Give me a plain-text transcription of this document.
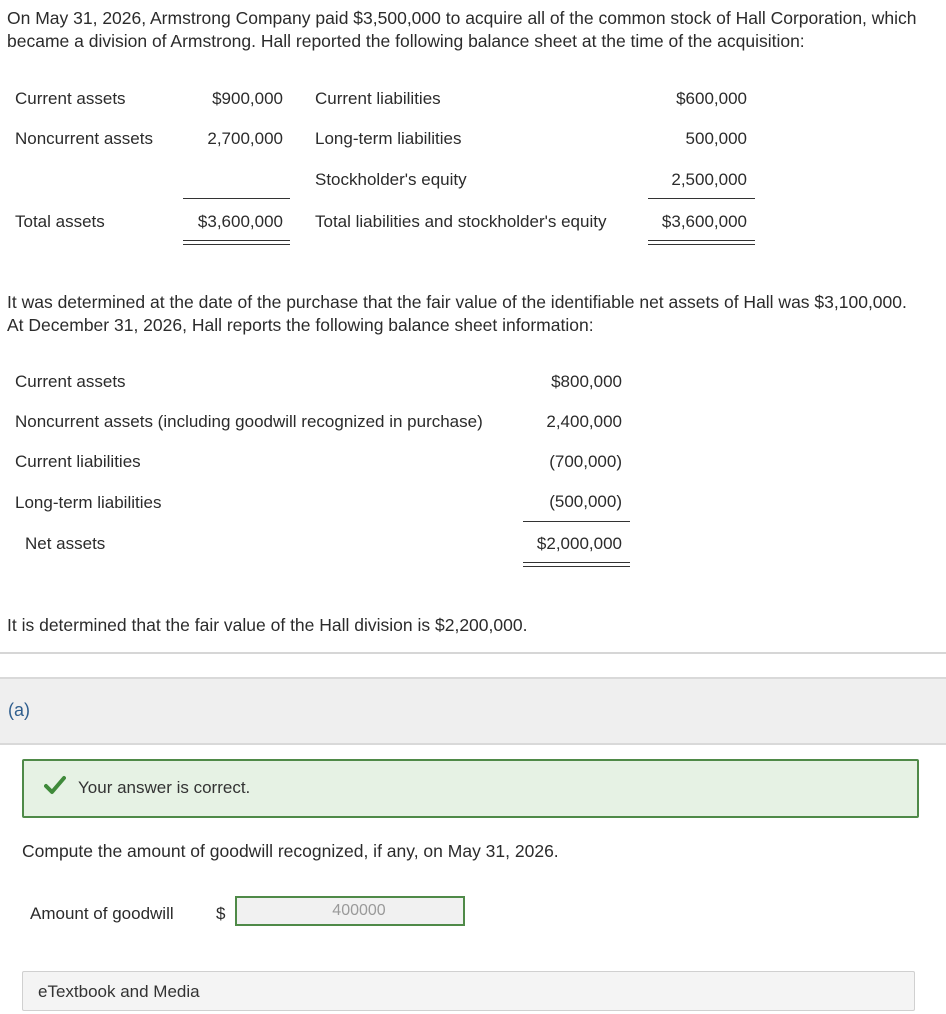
On May 31, 2026, Armstrong Company paid $3,500,000 to acquire all of the common stock of Hall Corporation, which
became a division of Armstrong. Hall reported the following balance sheet at the time of the acquisition:
Current assets	$900,000 Current liabilities	$600,000
Noncurrent assets	2,700,000 Long-term liabilities	500,000
Stockholder's equity	2,500,000
Total assets	$3,600,000 Total liabilities and stockholder's equity	$3,600,000
It was determined at the date of the purchase that the fair value of the identifiable net assets of Hall was $3,100,000.
At December 31, 2026, Hall reports the following balance sheet information:
Current assets	$800,000
Noncurrent assets (including goodwill recognized in purchase)	2,400,000
Current liabilities	(700,000)
Long-term liabilities	(500,000)
Net assets	$2,000,000
It is determined that the fair value of the Hall division is $2,200,000.
(a)
Your answer is correct.
Compute the amount of goodwill recognized, if any, on May 31, 2026.
Amount of goodwill $
400000
eTextbook and Media
